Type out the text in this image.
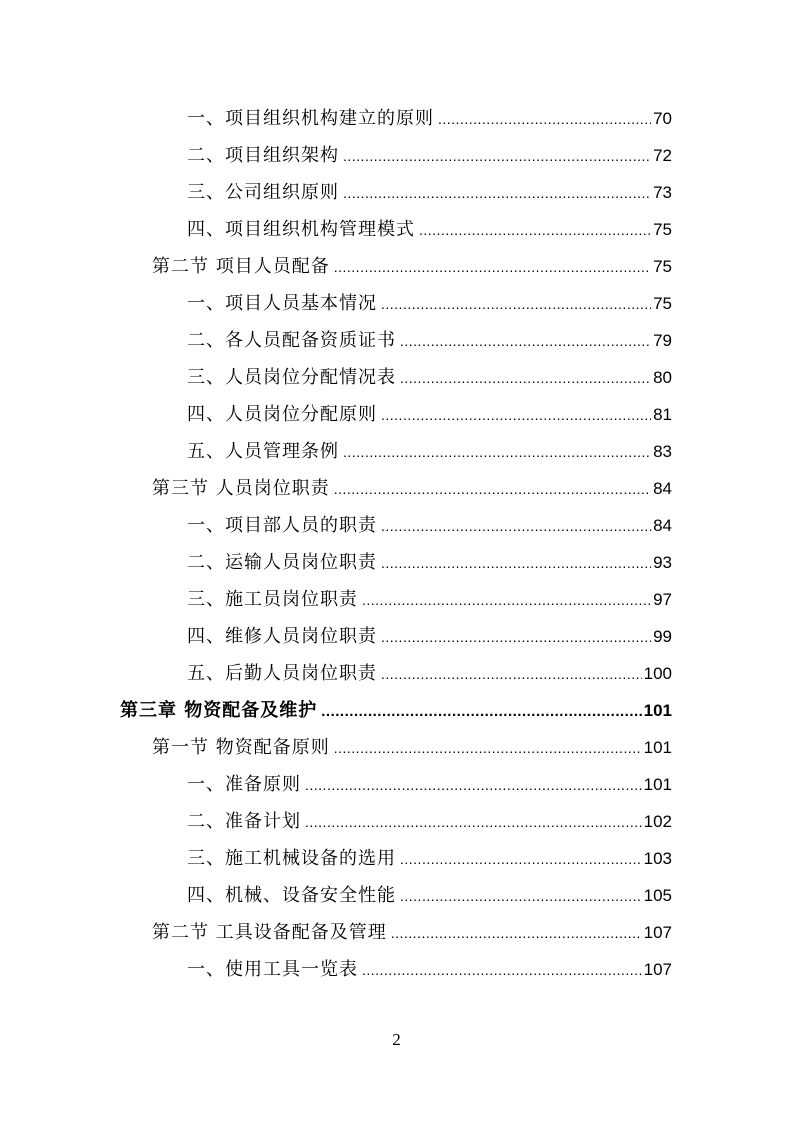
一、项目组织机构建立的原则 .....	70
二、项目组织架构 .....	72
三、公司组织原则 .....	73
四、项目组织机构管理模式 .....	75
第二节 项目人员配备 .....	75
一、项目人员基本情况 .....	75
二、各人员配备资质证书 .....	79
三、人员岗位分配情况表 .....	80
四、人员岗位分配原则 .....	81
五、人员管理条例 .....	83
第三节 人员岗位职责 .....	84
一、项目部人员的职责 .....	84
二、运输人员岗位职责 .....	93
三、施工员岗位职责 .....	97
四、维修人员岗位职责 .....	99
五、后勤人员岗位职责 .....	100
第三章 物资配备及维护 .....	101
第一节 物资配备原则 .....	101
一、准备原则 .....	101
二、准备计划 .....	102
三、施工机械设备的选用 .....	103
四、机械、设备安全性能 .....	105
第二节 工具设备配备及管理 .....	107
一、使用工具一览表 .....	107
2
